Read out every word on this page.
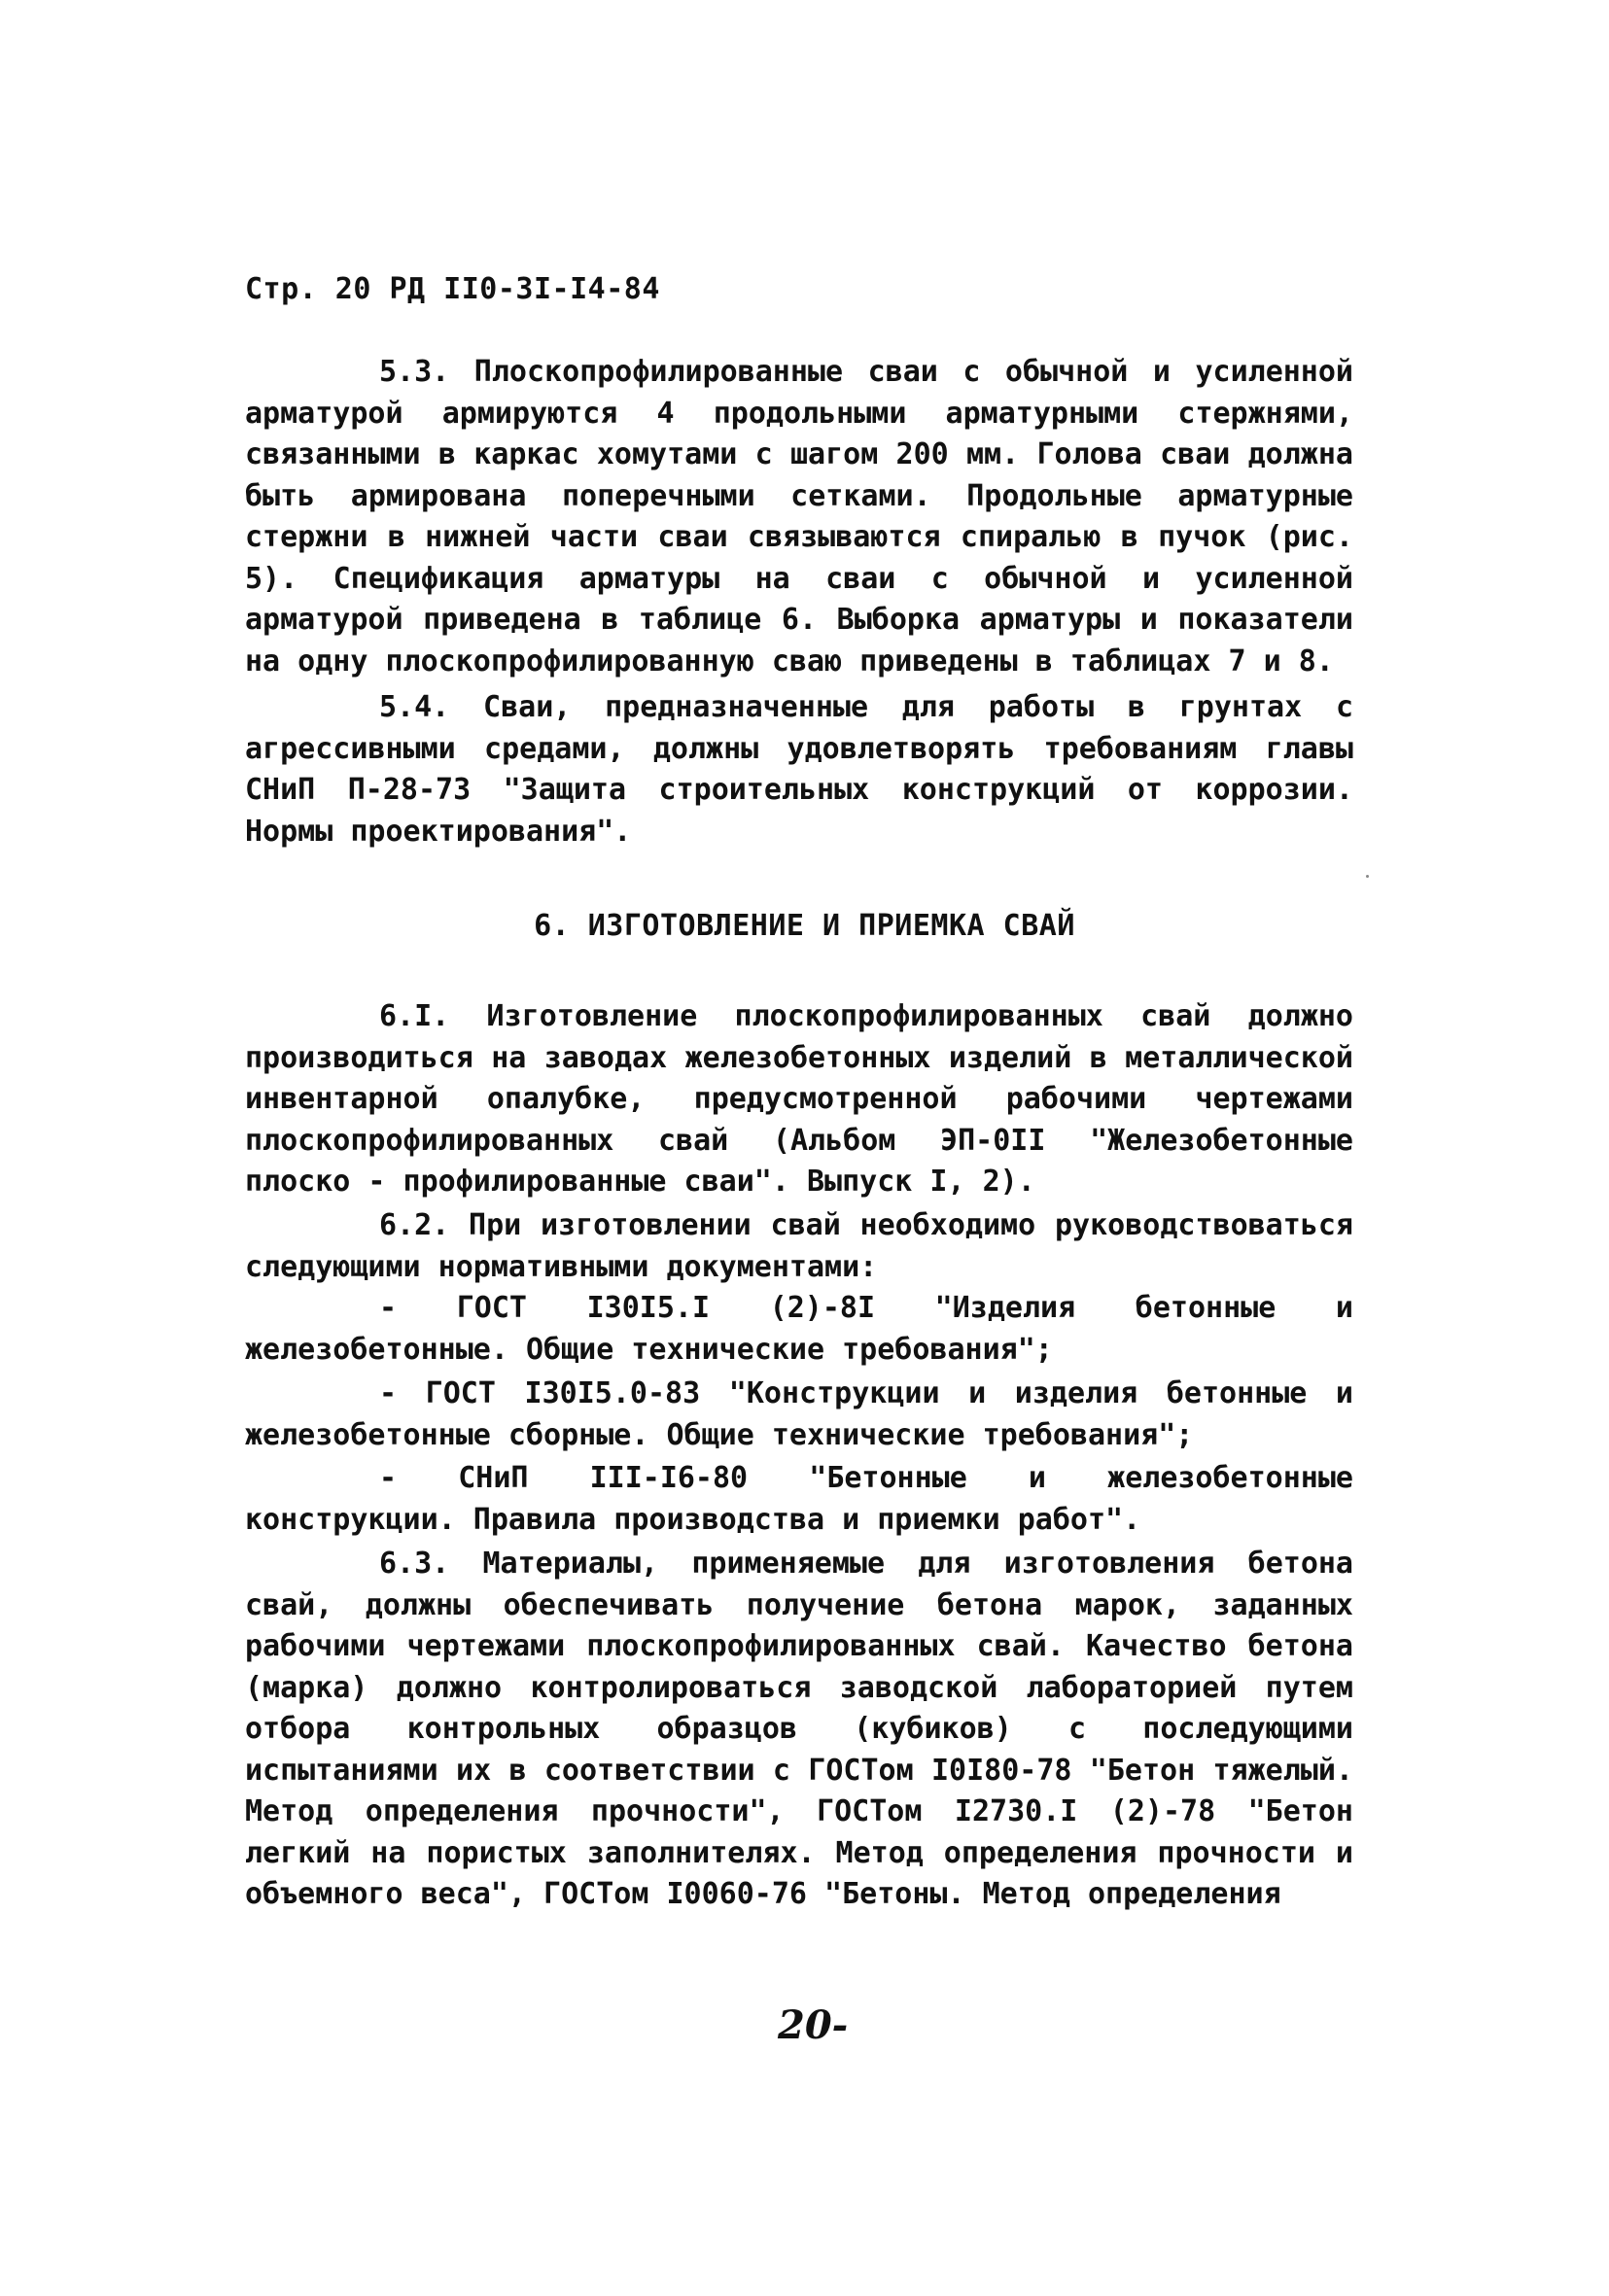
Стр. 20 РД II0-3I-I4-84

5.3. Плоскопрофилированные сваи с обычной и усиленной арматурой армируются 4 продольными арматурными стержнями, связанными в каркас хомутами с шагом 200 мм. Голова сваи должна быть армирована поперечными сетками. Продольные арматурные стержни в нижней части сваи связываются спиралью в пучок (рис. 5). Спецификация арматуры на сваи с обычной и усиленной арматурой приведена в таблице 6. Выборка арматуры и показатели на одну плоскопрофилированную сваю приведены в таблицах 7 и 8.

5.4. Сваи, предназначенные для работы в грунтах с агрессивными средами, должны удовлетворять требованиям главы СНиП П-28-73 "Защита строительных конструкций от коррозии. Нормы проектирования".

6. ИЗГОТОВЛЕНИЕ И ПРИЕМКА СВАЙ

6.I. Изготовление плоскопрофилированных свай должно производиться на заводах железобетонных изделий в металлической инвентарной опалубке, предусмотренной рабочими чертежами плоскопрофилированных свай (Альбом ЭП-0II "Железобетонные плоско - профилированные сваи". Выпуск I, 2).

6.2. При изготовлении свай необходимо руководствоваться следующими нормативными документами:

- ГОСТ I30I5.I (2)-8I "Изделия бетонные и железобетонные. Общие технические требования";

- ГОСТ I30I5.0-83 "Конструкции и изделия бетонные и железобетонные сборные. Общие технические требования";

- СНиП III-I6-80 "Бетонные и железобетонные конструкции. Правила производства и приемки работ".

6.3. Материалы, применяемые для изготовления бетона свай, должны обеспечивать получение бетона марок, заданных рабочими чертежами плоскопрофилированных свай. Качество бетона (марка) должно контролироваться заводской лабораторией путем отбора контрольных образцов (кубиков) с последующими испытаниями их в соответствии с ГОСТом I0I80-78 "Бетон тяжелый. Метод определения прочности", ГОСТом I2730.I (2)-78 "Бетон легкий на пористых заполнителях. Метод определения прочности и объемного веса", ГОСТом I0060-76 "Бетоны. Метод определения

20-
